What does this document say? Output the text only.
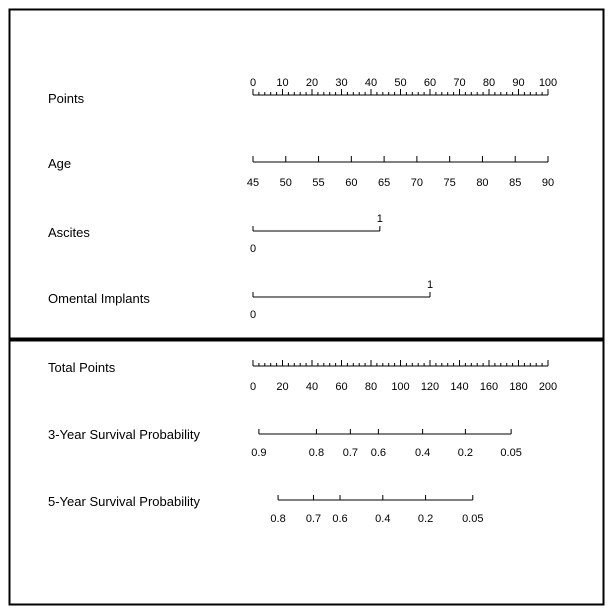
Points
Age
Ascites
Omental Implants
Total Points
3-Year Survival Probability
5-Year Survival Probability
0 10 20 30 40 50 60 70 80 90 100
45 50 55 60 65 70 75 80 85 90
0
1
0
1
0 20 40 60 80 100 120 140 160 180 200
0.9	0.8 0.7 0.6	0.4 0.2 0.05
0.8 0.7 0.6 0.4 0.2	0.05
